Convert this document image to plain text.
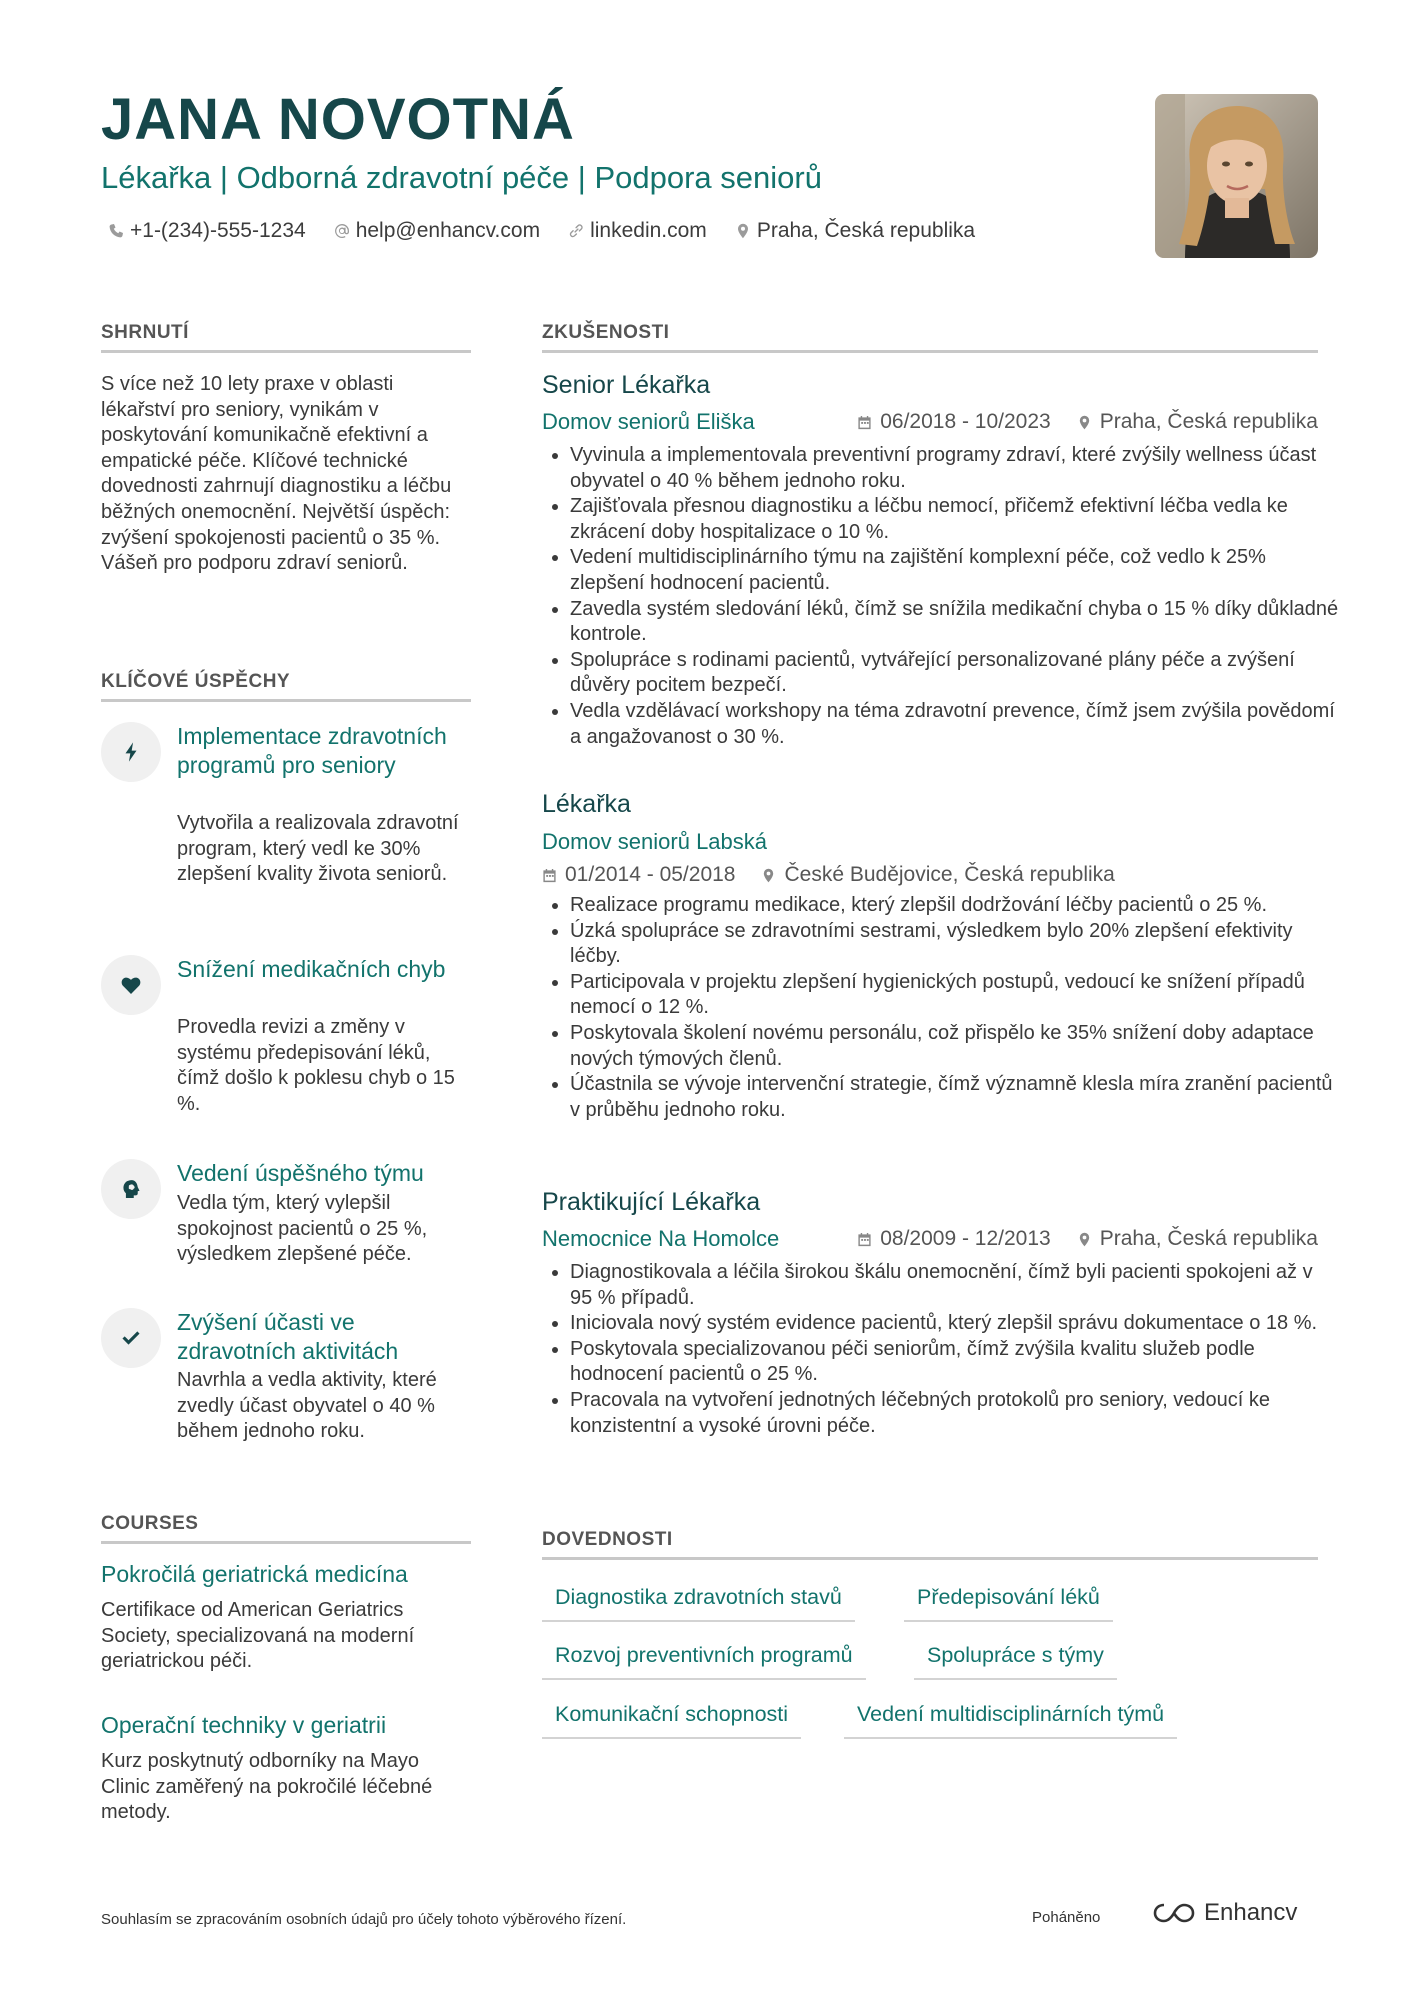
JANA NOVOTNÁ

Lékařka | Odborná zdravotní péče | Podpora seniorů

+1-(234)-555-1234 help@enhancv.com linkedin.com Praha, Česká republika
SHRNUTÍ

S více než 10 lety praxe v oblasti lékařství pro seniory, vynikám v poskytování komunikačně efektivní a empatické péče. Klíčové technické dovednosti zahrnují diagnostiku a léčbu běžných onemocnění. Největší úspěch: zvýšení spokojenosti pacientů o 35 %. Vášeň pro podporu zdraví seniorů.

KLÍČOVÉ ÚSPĚCHY

Implementace zdravotních programů pro seniory

Vytvořila a realizovala zdravotní program, který vedl ke 30% zlepšení kvality života seniorů.

Snížení medikačních chyb

Provedla revizi a změny v systému předepisování léků, čímž došlo k poklesu chyb o 15 %.

Vedení úspěšného týmu

Vedla tým, který vylepšil spokojnost pacientů o 25 %, výsledkem zlepšené péče.

Zvýšení účasti ve zdravotních aktivitách

Navrhla a vedla aktivity, které zvedly účast obyvatel o 40 % během jednoho roku.

COURSES

Pokročilá geriatrická medicína

Certifikace od American Geriatrics Society, specializovaná na moderní geriatrickou péči.

Operační techniky v geriatrii

Kurz poskytnutý odborníky na Mayo Clinic zaměřený na pokročilé léčebné metody.

ZKUŠENOSTI

Senior Lékařka

Domov seniorů Eliška	06/2018 - 10/2023 Praha, Česká republika
• Vyvinula a implementovala preventivní programy zdraví, které zvýšily wellness účast obyvatel o 40 % během jednoho roku.
• Zajišťovala přesnou diagnostiku a léčbu nemocí, přičemž efektivní léčba vedla ke zkrácení doby hospitalizace o 10 %.
• Vedení multidisciplinárního týmu na zajištění komplexní péče, což vedlo k 25% zlepšení hodnocení pacientů.
• Zavedla systém sledování léků, čímž se snížila medikační chyba o 15 % díky důkladné kontrole.
• Spolupráce s rodinami pacientů, vytvářející personalizované plány péče a zvýšení důvěry pocitem bezpečí.
• Vedla vzdělávací workshopy na téma zdravotní prevence, čímž jsem zvýšila povědomí a angažovanost o 30 %.

Lékařka

Domov seniorů Labská
01/2014 - 05/2018 České Budějovice, Česká republika
• Realizace programu medikace, který zlepšil dodržování léčby pacientů o 25 %.
• Úzká spolupráce se zdravotními sestrami, výsledkem bylo 20% zlepšení efektivity léčby.
• Participovala v projektu zlepšení hygienických postupů, vedoucí ke snížení případů nemocí o 12 %.
• Poskytovala školení novému personálu, což přispělo ke 35% snížení doby adaptace nových týmových členů.
• Účastnila se vývoje intervenční strategie, čímž významně klesla míra zranění pacientů v průběhu jednoho roku.

Praktikující Lékařka

Nemocnice Na Homolce	08/2009 - 12/2013 Praha, Česká republika
• Diagnostikovala a léčila širokou škálu onemocnění, čímž byli pacienti spokojeni až v 95 % případů.
• Iniciovala nový systém evidence pacientů, který zlepšil správu dokumentace o 18 %.
• Poskytovala specializovanou péči seniorům, čímž zvýšila kvalitu služeb podle hodnocení pacientů o 25 %.
• Pracovala na vytvoření jednotných léčebných protokolů pro seniory, vedoucí ke konzistentní a vysoké úrovni péče.
DOVEDNOSTI
Diagnostika zdravotních stavů	Předepisování léků
Rozvoj preventivních programů	Spolupráce s týmy
Komunikační schopnosti	Vedení multidisciplinárních týmů

Souhlasím se zpracováním osobních údajů pro účely tohoto výběrového řízení.	Poháněno	Enhancv
